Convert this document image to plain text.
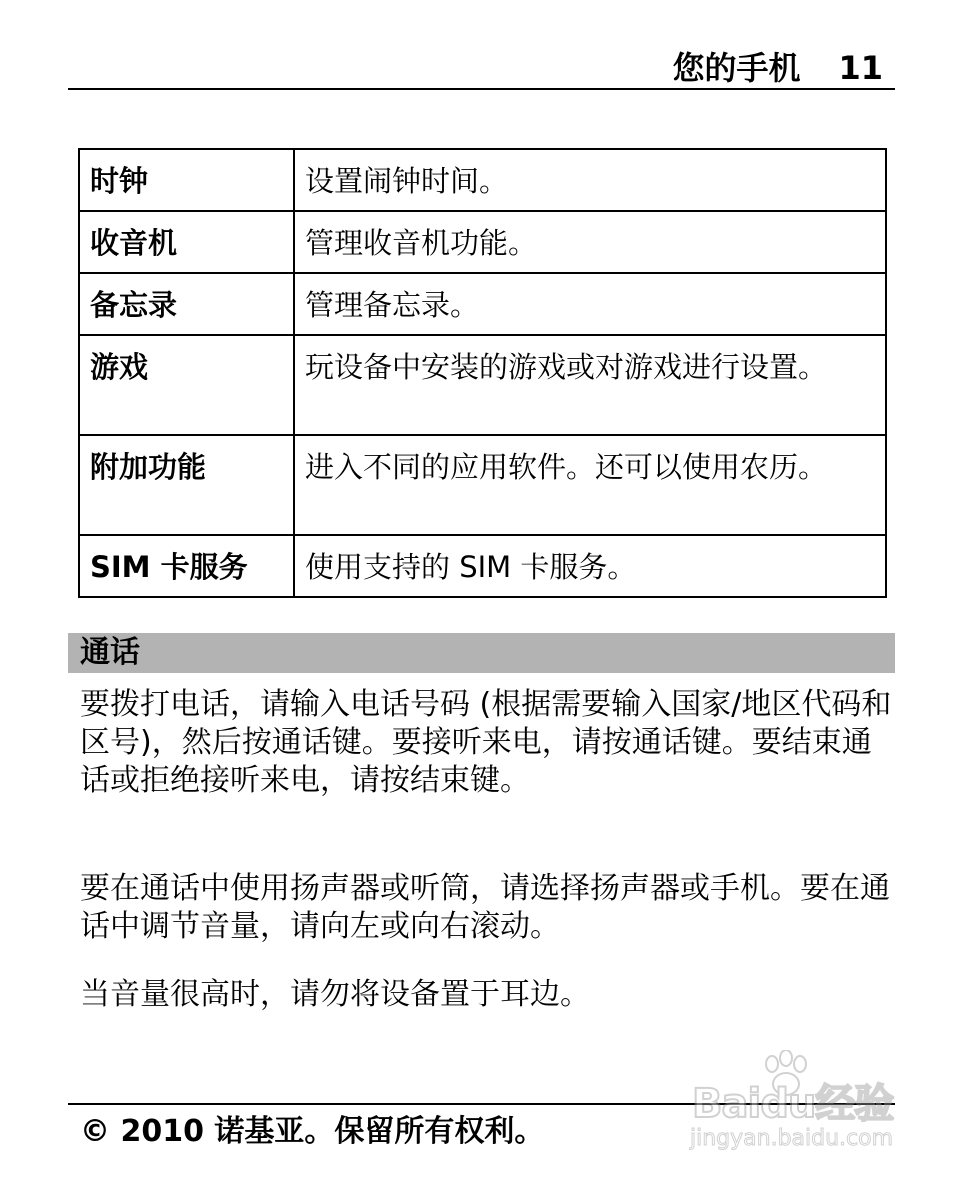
您的手机 11
时钟	设置闹钟时间。
收音机	管理收音机功能。
备忘录	管理备忘录。
游戏	玩设备中安装的游戏或对游戏进行设置。
附加功能	进入不同的应用软件。还可以使用农历。
SIM 卡服务	使用支持的 SIM 卡服务。
通话

要拨打电话，请输入电话号码 (根据需要输入国家/地区代码和区号)，然后按通话键。要接听来电，请按通话键。要结束通话或拒绝接听来电，请按结束键。

要在通话中使用扬声器或听筒，请选择扬声器或手机。要在通话中调节音量，请向左或向右滚动。

当音量很高时，请勿将设备置于耳边。

© 2010 诺基亚。保留所有权利。
Baidu经验
jingyan.baidu.com
